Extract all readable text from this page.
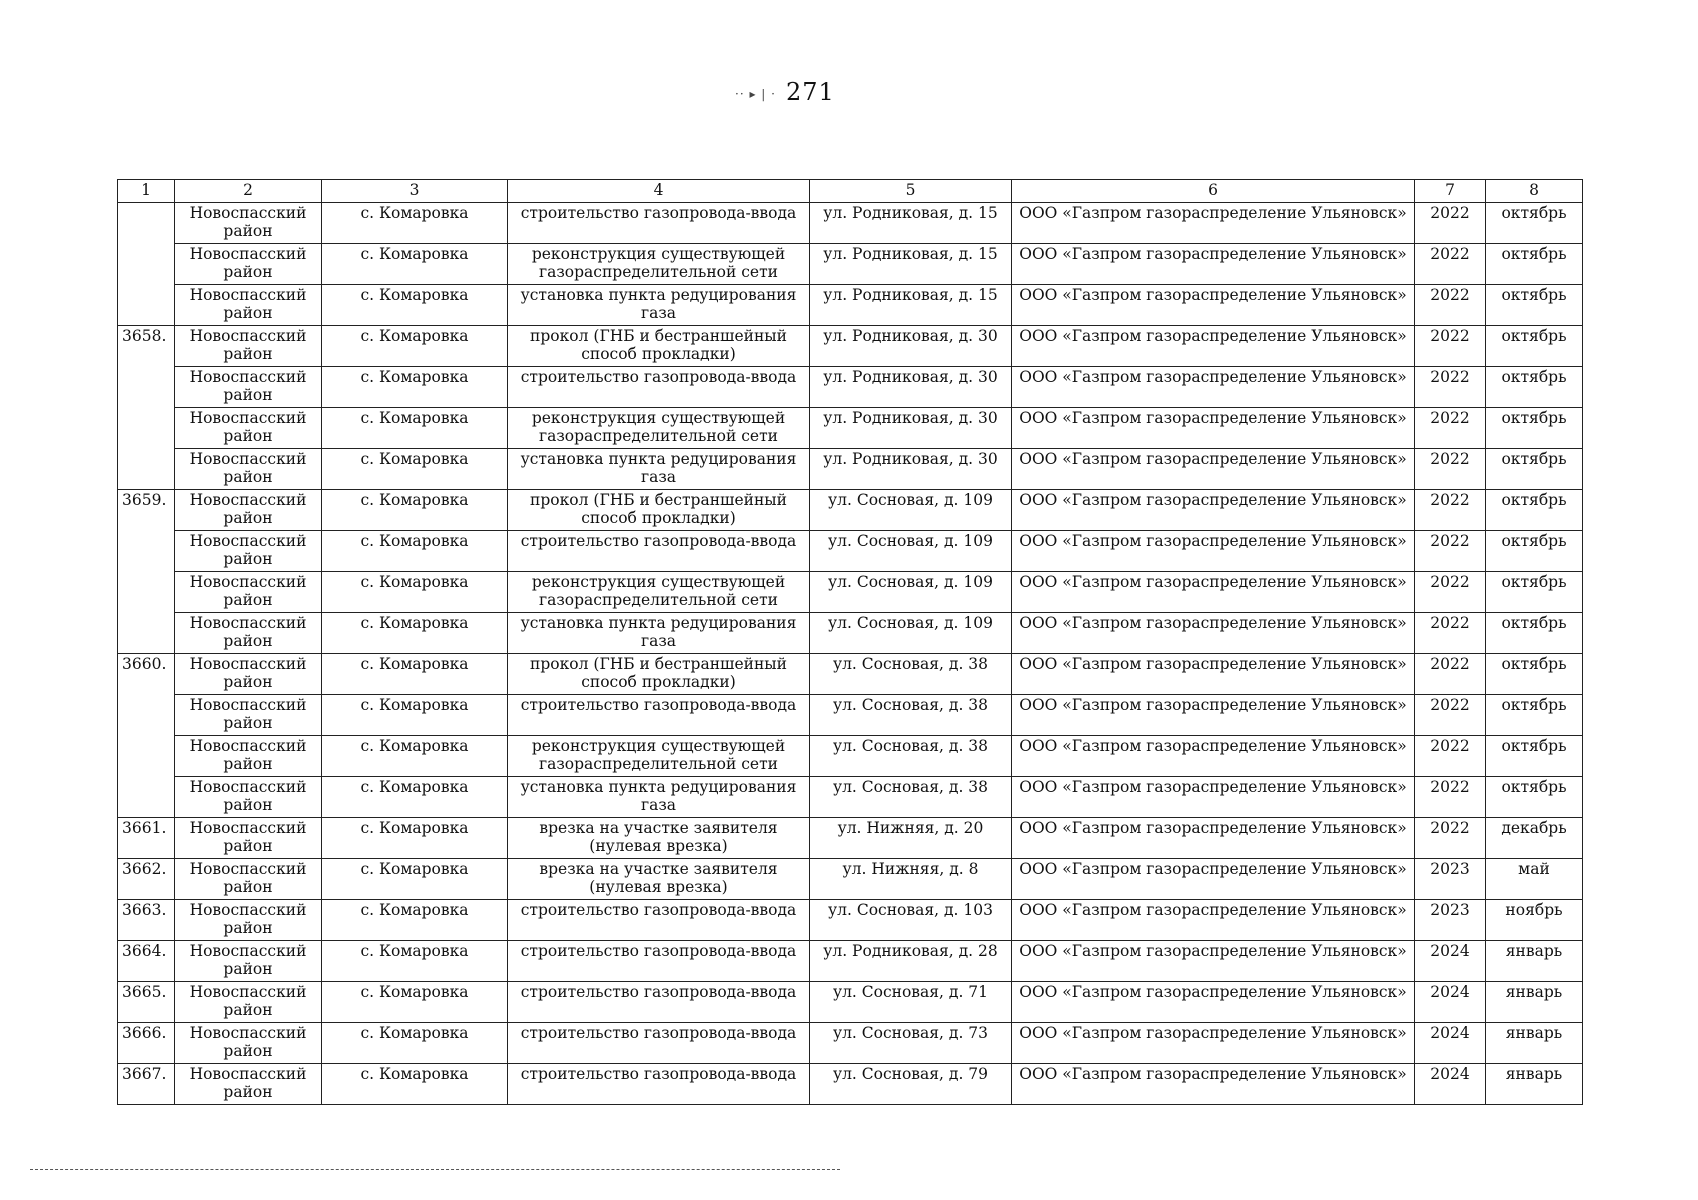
·· ▸ | · 271
1	2	3	4	5	6	7	8
	Новоспасский район	с. Комаровка	строительство газопровода-ввода	ул. Родниковая, д. 15	ООО «Газпром газораспределение Ульяновск»	2022	октябрь
	Новоспасский район	с. Комаровка	реконструкция существующей газораспределительной сети	ул. Родниковая, д. 15	ООО «Газпром газораспределение Ульяновск»	2022	октябрь
	Новоспасский район	с. Комаровка	установка пункта редуцирования газа	ул. Родниковая, д. 15	ООО «Газпром газораспределение Ульяновск»	2022	октябрь
3658.	Новоспасский район	с. Комаровка	прокол (ГНБ и бестраншейный способ прокладки)	ул. Родниковая, д. 30	ООО «Газпром газораспределение Ульяновск»	2022	октябрь
	Новоспасский район	с. Комаровка	строительство газопровода-ввода	ул. Родниковая, д. 30	ООО «Газпром газораспределение Ульяновск»	2022	октябрь
	Новоспасский район	с. Комаровка	реконструкция существующей газораспределительной сети	ул. Родниковая, д. 30	ООО «Газпром газораспределение Ульяновск»	2022	октябрь
	Новоспасский район	с. Комаровка	установка пункта редуцирования газа	ул. Родниковая, д. 30	ООО «Газпром газораспределение Ульяновск»	2022	октябрь
3659.	Новоспасский район	с. Комаровка	прокол (ГНБ и бестраншейный способ прокладки)	ул. Сосновая, д. 109	ООО «Газпром газораспределение Ульяновск»	2022	октябрь
	Новоспасский район	с. Комаровка	строительство газопровода-ввода	ул. Сосновая, д. 109	ООО «Газпром газораспределение Ульяновск»	2022	октябрь
	Новоспасский район	с. Комаровка	реконструкция существующей газораспределительной сети	ул. Сосновая, д. 109	ООО «Газпром газораспределение Ульяновск»	2022	октябрь
	Новоспасский район	с. Комаровка	установка пункта редуцирования газа	ул. Сосновая, д. 109	ООО «Газпром газораспределение Ульяновск»	2022	октябрь
3660.	Новоспасский район	с. Комаровка	прокол (ГНБ и бестраншейный способ прокладки)	ул. Сосновая, д. 38	ООО «Газпром газораспределение Ульяновск»	2022	октябрь
	Новоспасский район	с. Комаровка	строительство газопровода-ввода	ул. Сосновая, д. 38	ООО «Газпром газораспределение Ульяновск»	2022	октябрь
	Новоспасский район	с. Комаровка	реконструкция существующей газораспределительной сети	ул. Сосновая, д. 38	ООО «Газпром газораспределение Ульяновск»	2022	октябрь
	Новоспасский район	с. Комаровка	установка пункта редуцирования газа	ул. Сосновая, д. 38	ООО «Газпром газораспределение Ульяновск»	2022	октябрь
3661.	Новоспасский район	с. Комаровка	врезка на участке заявителя (нулевая врезка)	ул. Нижняя, д. 20	ООО «Газпром газораспределение Ульяновск»	2022	декабрь
3662.	Новоспасский район	с. Комаровка	врезка на участке заявителя (нулевая врезка)	ул. Нижняя, д. 8	ООО «Газпром газораспределение Ульяновск»	2023	май
3663.	Новоспасский район	с. Комаровка	строительство газопровода-ввода	ул. Сосновая, д. 103	ООО «Газпром газораспределение Ульяновск»	2023	ноябрь
3664.	Новоспасский район	с. Комаровка	строительство газопровода-ввода	ул. Родниковая, д. 28	ООО «Газпром газораспределение Ульяновск»	2024	январь
3665.	Новоспасский район	с. Комаровка	строительство газопровода-ввода	ул. Сосновая, д. 71	ООО «Газпром газораспределение Ульяновск»	2024	январь
3666.	Новоспасский район	с. Комаровка	строительство газопровода-ввода	ул. Сосновая, д. 73	ООО «Газпром газораспределение Ульяновск»	2024	январь
3667.	Новоспасский район	с. Комаровка	строительство газопровода-ввода	ул. Сосновая, д. 79	ООО «Газпром газораспределение Ульяновск»	2024	январь
